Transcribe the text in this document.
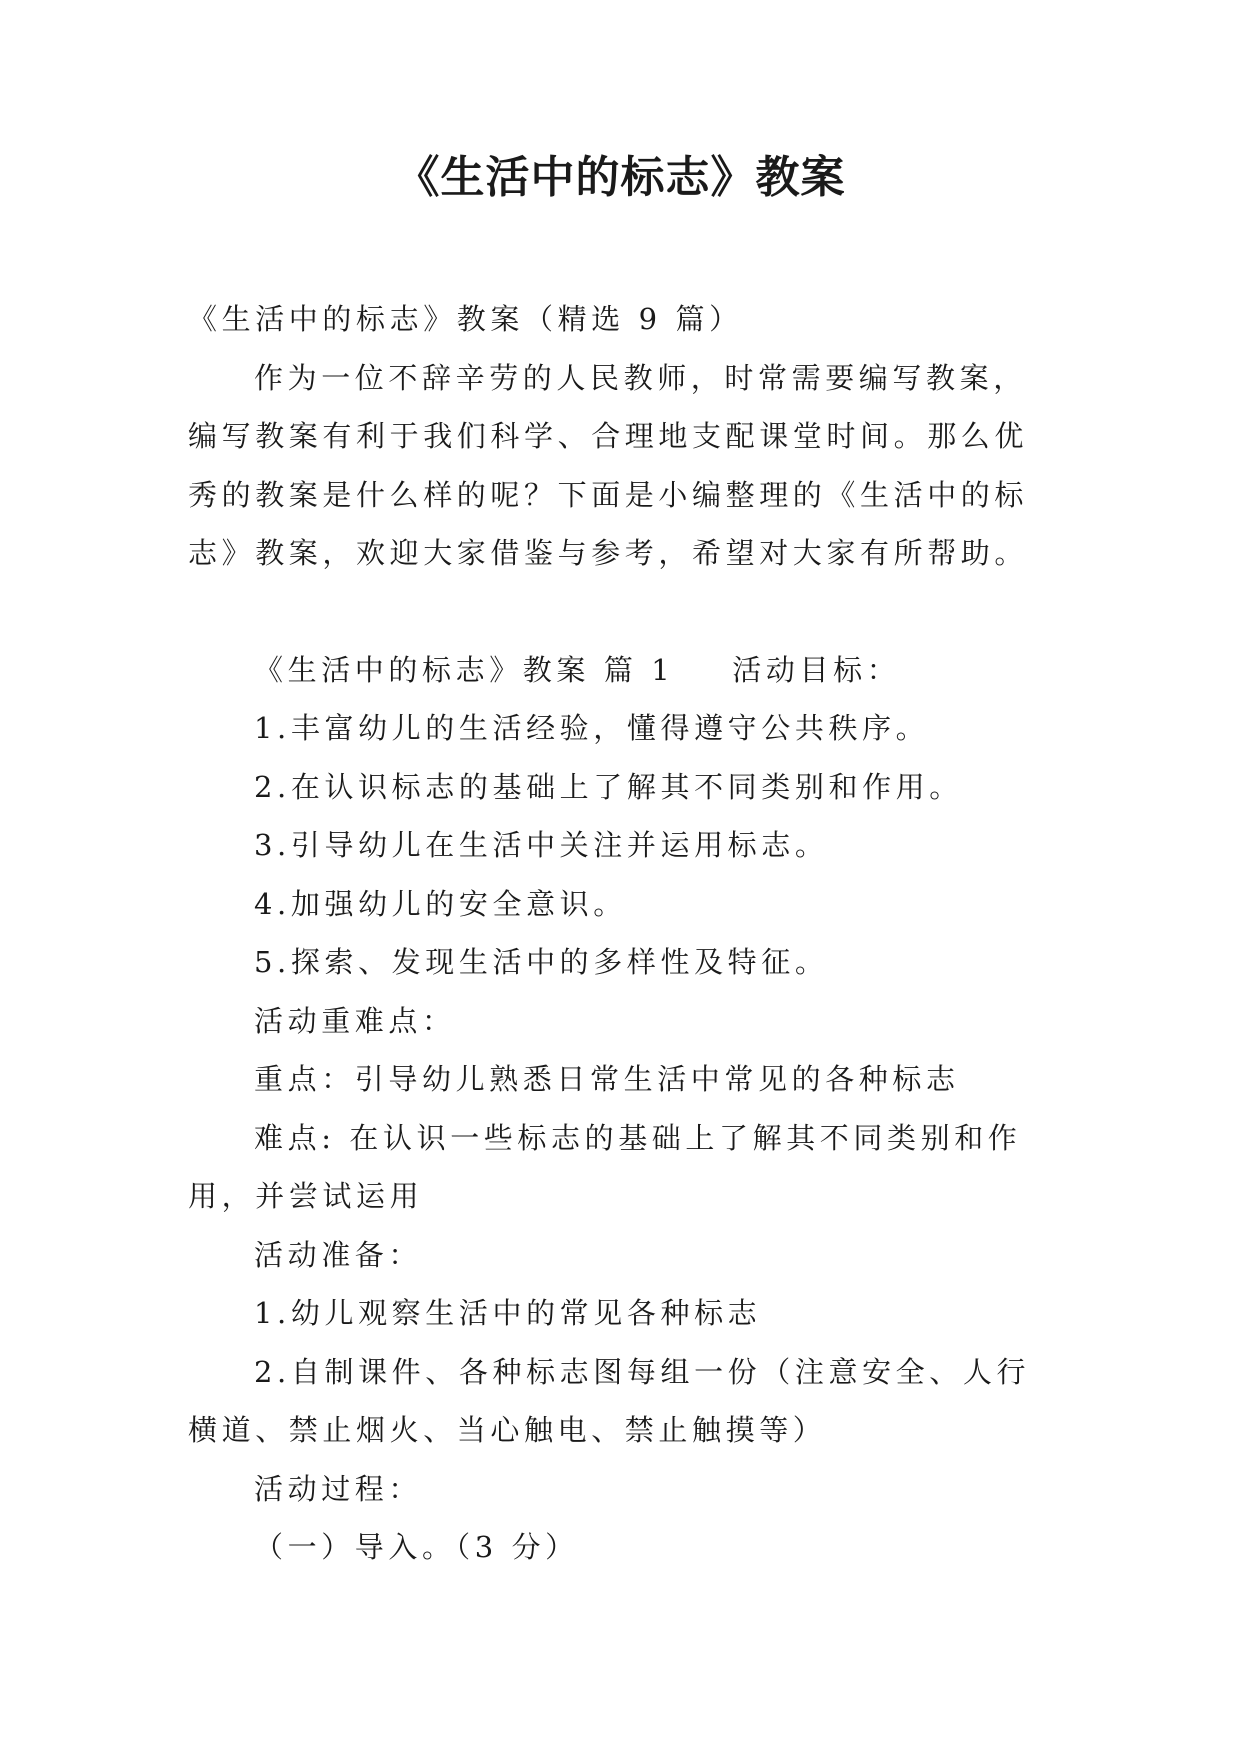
《生活中的标志》教案

《生活中的标志》教案（精选 9 篇）

作为一位不辞辛劳的人民教师，时常需要编写教案，编写教案有利于我们科学、合理地支配课堂时间。那么优秀的教案是什么样的呢？下面是小编整理的《生活中的标志》教案，欢迎大家借鉴与参考，希望对大家有所帮助。

《生活中的标志》教案 篇 1 活动目标：

1.丰富幼儿的生活经验，懂得遵守公共秩序。

2.在认识标志的基础上了解其不同类别和作用。

3.引导幼儿在生活中关注并运用标志。

4.加强幼儿的安全意识。

5.探索、发现生活中的多样性及特征。

活动重难点：

重点：引导幼儿熟悉日常生活中常见的各种标志

难点: 在认识一些标志的基础上了解其不同类别和作用，并尝试运用

活动准备：

1.幼儿观察生活中的常见各种标志

2.自制课件、各种标志图每组一份（注意安全、人行横道、禁止烟火、当心触电、禁止触摸等）

活动过程：

（一）导入。（3 分）
